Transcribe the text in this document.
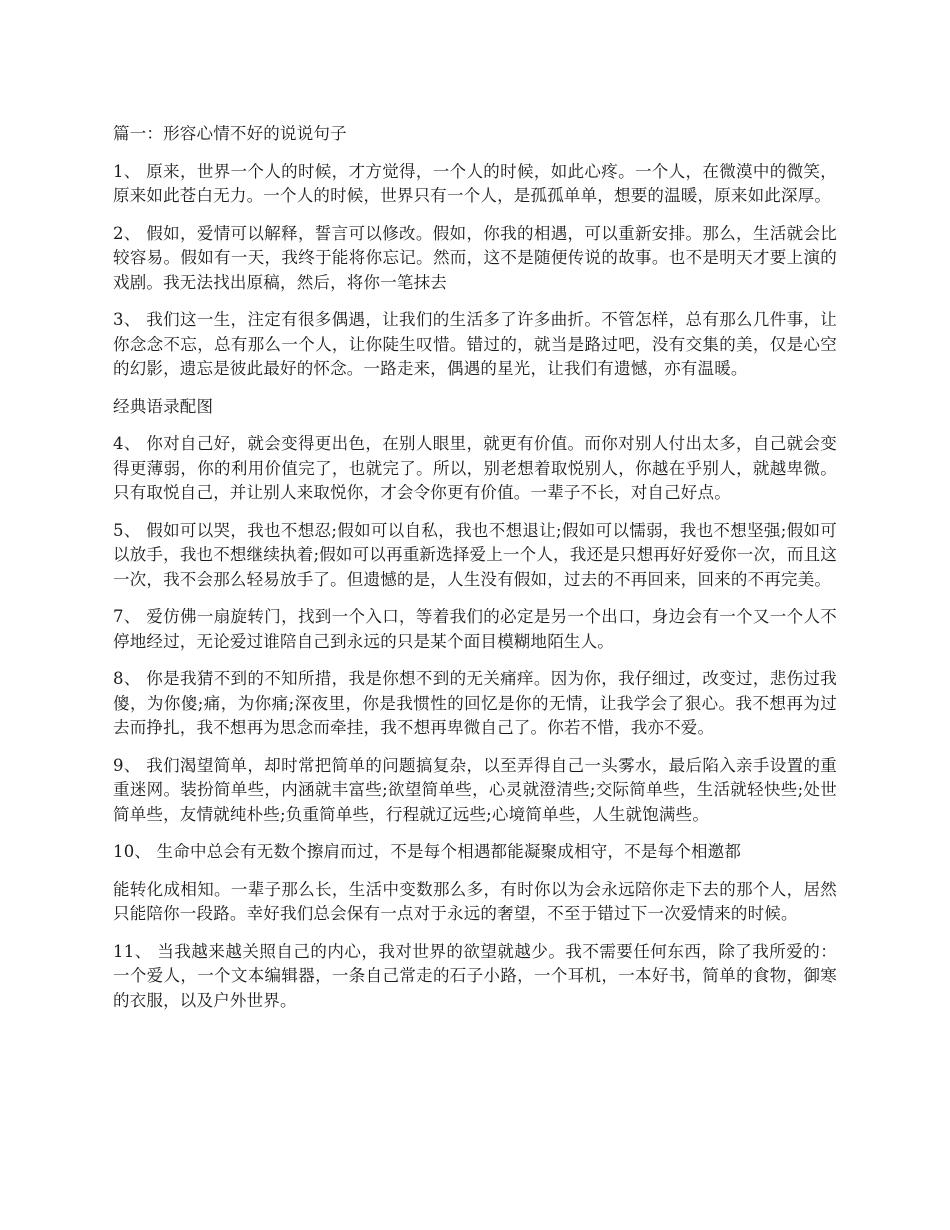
篇一：形容心情不好的说说句子

1、 原来，世界一个人的时候，才方觉得，一个人的时候，如此心疼。一个人，在微漠中的微笑，原来如此苍白无力。一个人的时候，世界只有一个人，是孤孤单单，想要的温暖，原来如此深厚。

2、 假如，爱情可以解释，誓言可以修改。假如，你我的相遇，可以重新安排。那么，生活就会比较容易。假如有一天，我终于能将你忘记。然而，这不是随便传说的故事。也不是明天才要上演的戏剧。我无法找出原稿，然后，将你一笔抹去

3、 我们这一生，注定有很多偶遇，让我们的生活多了许多曲折。不管怎样，总有那么几件事，让你念念不忘，总有那么一个人，让你陡生叹惜。错过的，就当是路过吧，没有交集的美，仅是心空的幻影，遗忘是彼此最好的怀念。一路走来，偶遇的星光，让我们有遗憾，亦有温暖。

经典语录配图

4、 你对自己好，就会变得更出色，在别人眼里，就更有价值。而你对别人付出太多，自己就会变得更薄弱，你的利用价值完了，也就完了。所以，别老想着取悦别人，你越在乎别人，就越卑微。只有取悦自己，并让别人来取悦你，才会令你更有价值。一辈子不长，对自己好点。

5、 假如可以哭，我也不想忍;假如可以自私，我也不想退让;假如可以懦弱，我也不想坚强;假如可以放手，我也不想继续执着;假如可以再重新选择爱上一个人，我还是只想再好好爱你一次，而且这一次，我不会那么轻易放手了。但遗憾的是，人生没有假如，过去的不再回来，回来的不再完美。

7、 爱仿佛一扇旋转门，找到一个入口，等着我们的必定是另一个出口，身边会有一个又一个人不停地经过，无论爱过谁陪自己到永远的只是某个面目模糊地陌生人。

8、 你是我猜不到的不知所措，我是你想不到的无关痛痒。因为你，我仔细过，改变过，悲伤过我傻，为你傻;痛，为你痛;深夜里，你是我惯性的回忆是你的无情，让我学会了狠心。我不想再为过去而挣扎，我不想再为思念而牵挂，我不想再卑微自己了。你若不惜，我亦不爱。

9、 我们渴望简单，却时常把简单的问题搞复杂，以至弄得自己一头雾水，最后陷入亲手设置的重重迷网。装扮简单些，内涵就丰富些;欲望简单些，心灵就澄清些;交际简单些，生活就轻快些;处世简单些，友情就纯朴些;负重简单些，行程就辽远些;心境简单些，人生就饱满些。

10、 生命中总会有无数个擦肩而过，不是每个相遇都能凝聚成相守，不是每个相邀都

能转化成相知。一辈子那么长，生活中变数那么多，有时你以为会永远陪你走下去的那个人，居然只能陪你一段路。幸好我们总会保有一点对于永远的奢望，不至于错过下一次爱情来的时候。

11、 当我越来越关照自己的内心，我对世界的欲望就越少。我不需要任何东西，除了我所爱的：一个爱人，一个文本编辑器，一条自己常走的石子小路，一个耳机，一本好书，简单的食物，御寒的衣服，以及户外世界。
